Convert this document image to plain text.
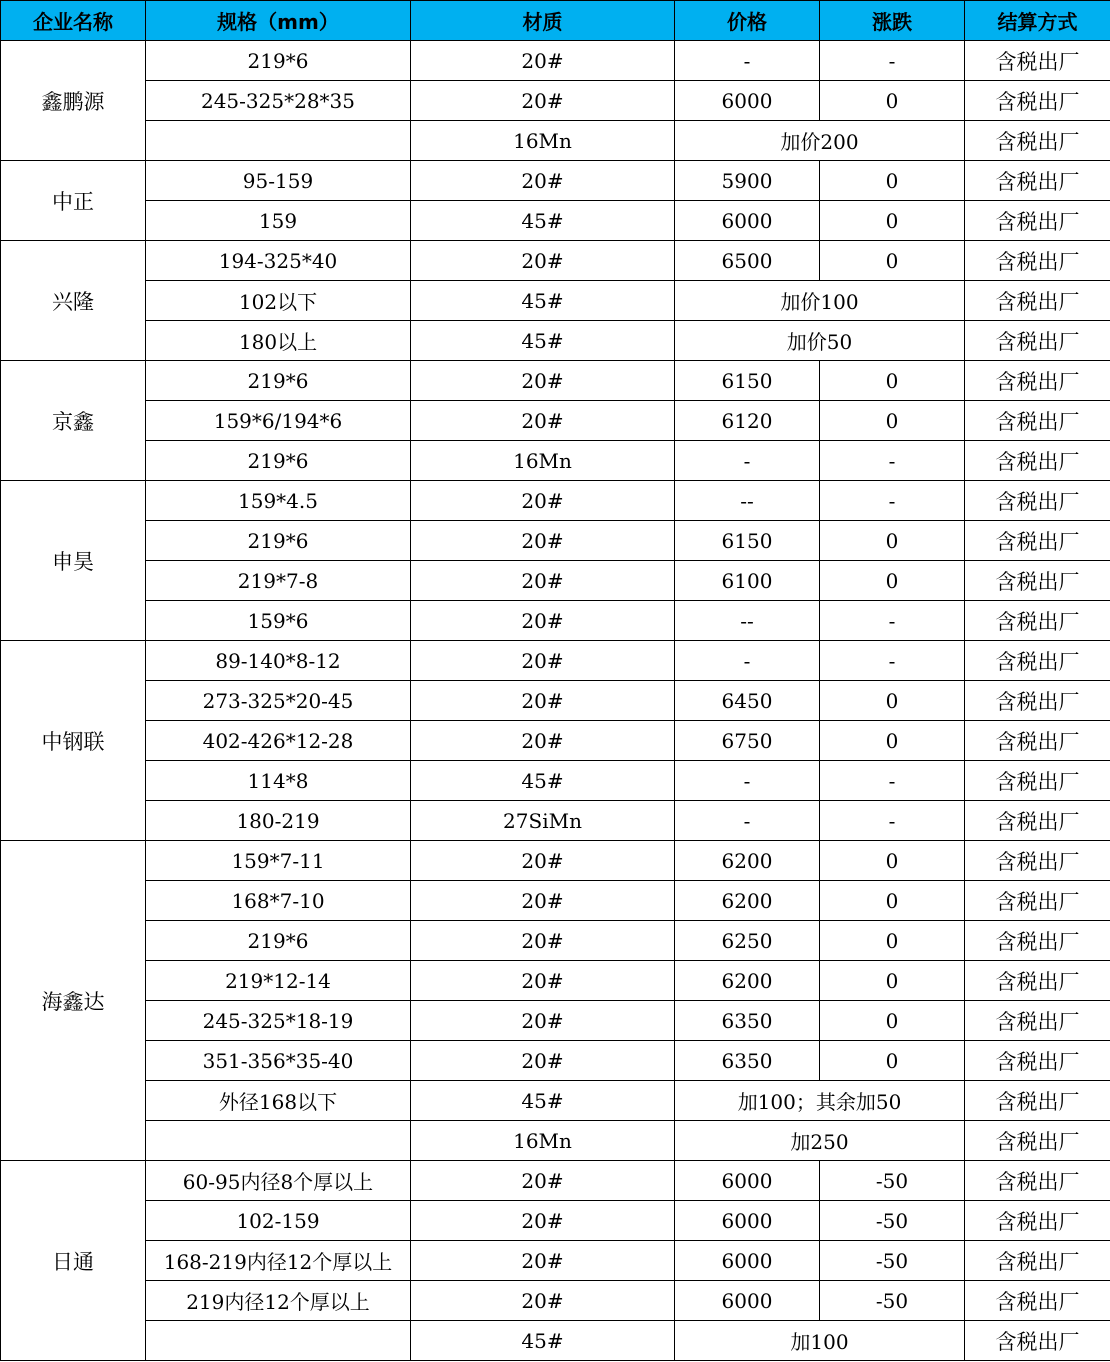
企业名称	规格（mm）	材质	价格	涨跌	结算方式
鑫鹏源	219*6	20#	-	-	含税出厂
	245-325*28*35	20#	6000	0	含税出厂
		16Mn	加价200		含税出厂
中正	95-159	20#	5900	0	含税出厂
	159	45#	6000	0	含税出厂
兴隆	194-325*40	20#	6500	0	含税出厂
	102以下	45#	加价100		含税出厂
	180以上	45#	加价50		含税出厂
京鑫	219*6	20#	6150	0	含税出厂
	159*6/194*6	20#	6120	0	含税出厂
	219*6	16Mn	-	-	含税出厂
申昊	159*4.5	20#	--	-	含税出厂
	219*6	20#	6150	0	含税出厂
	219*7-8	20#	6100	0	含税出厂
	159*6	20#	--	-	含税出厂
中钢联	89-140*8-12	20#	-	-	含税出厂
	273-325*20-45	20#	6450	0	含税出厂
	402-426*12-28	20#	6750	0	含税出厂
	114*8	45#	-	-	含税出厂
	180-219	27SiMn	-	-	含税出厂
海鑫达	159*7-11	20#	6200	0	含税出厂
	168*7-10	20#	6200	0	含税出厂
	219*6	20#	6250	0	含税出厂
	219*12-14	20#	6200	0	含税出厂
	245-325*18-19	20#	6350	0	含税出厂
	351-356*35-40	20#	6350	0	含税出厂
	外径168以下	45#	加100；其余加50		含税出厂
		16Mn	加250		含税出厂
日通	60-95内径8个厚以上	20#	6000	-50	含税出厂
	102-159	20#	6000	-50	含税出厂
	168-219内径12个厚以上	20#	6000	-50	含税出厂
	219内径12个厚以上	20#	6000	-50	含税出厂
		45#	加100		含税出厂
